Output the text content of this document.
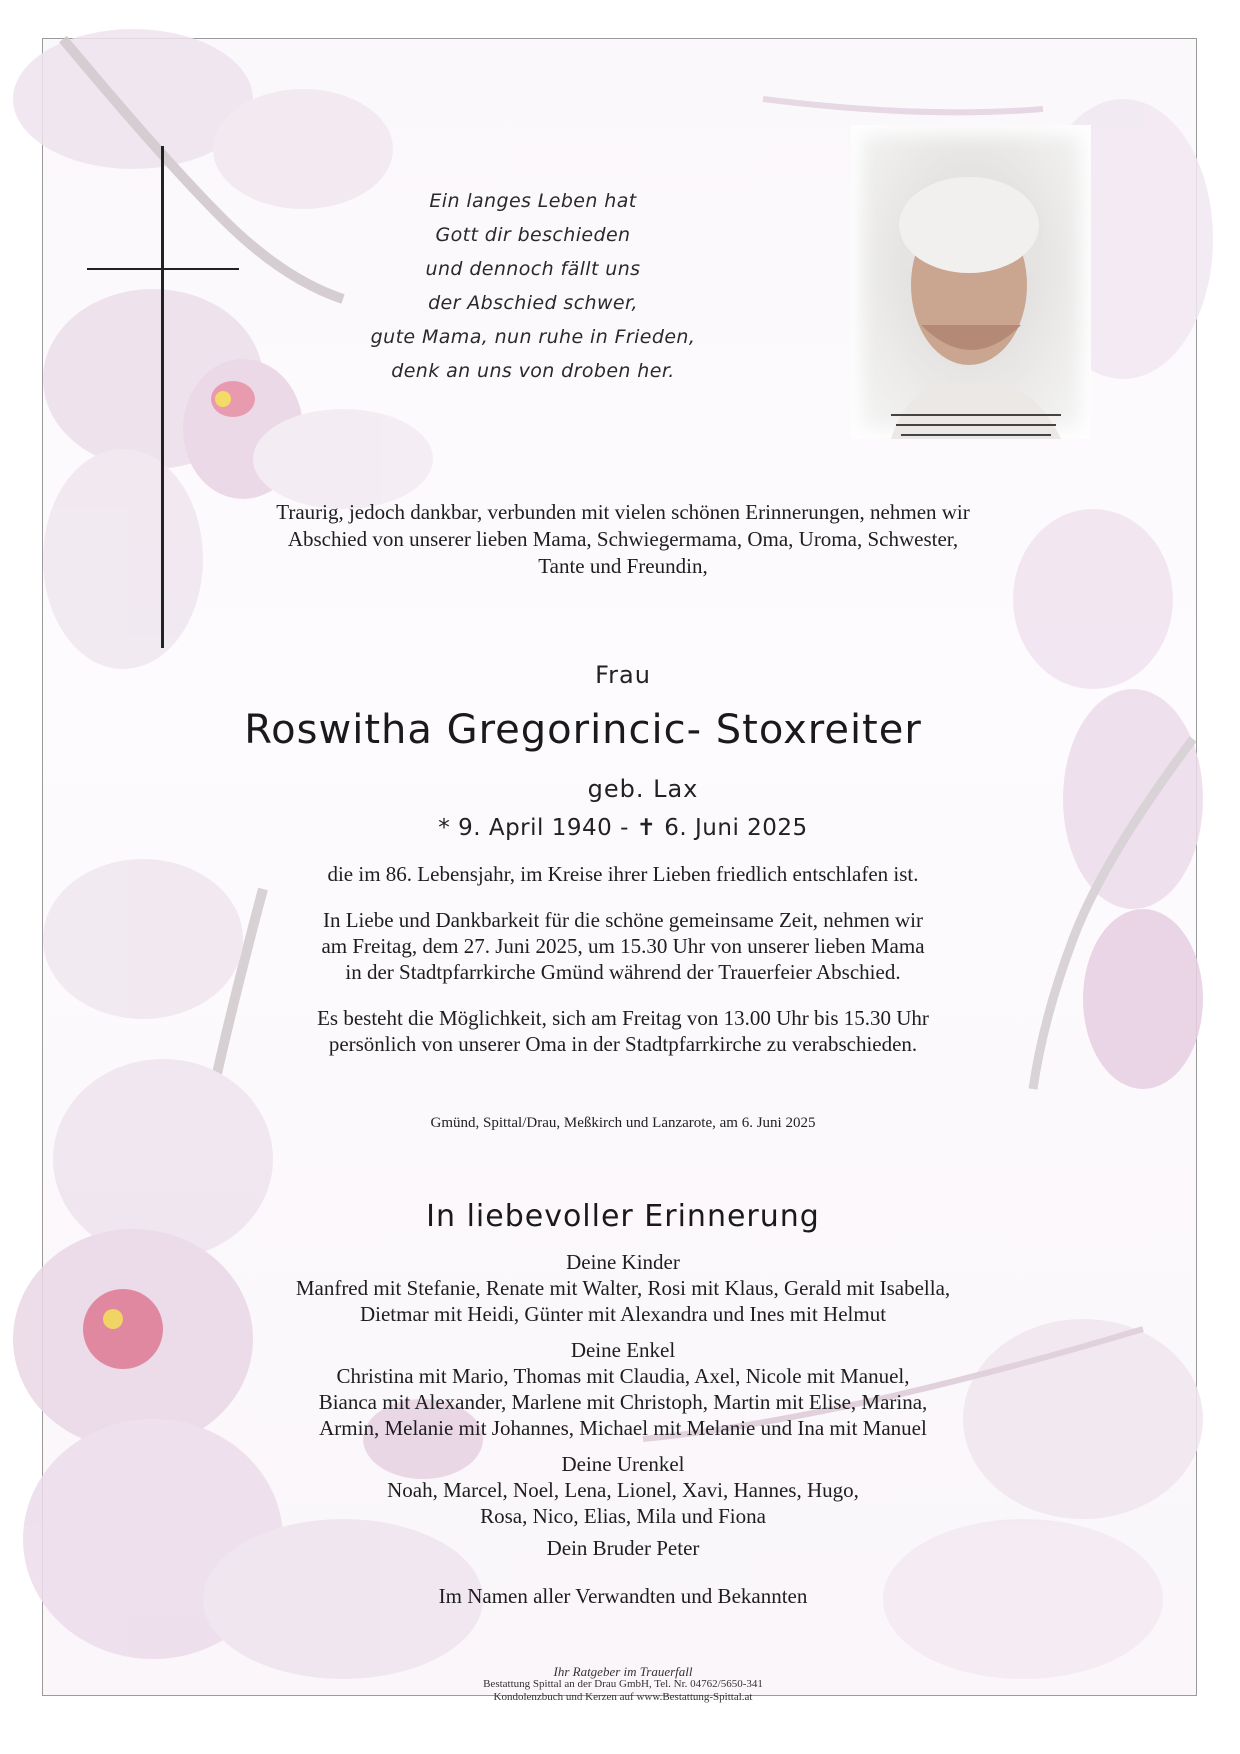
Ein langes Leben hat
Gott dir beschieden
und dennoch fällt uns
der Abschied schwer,
gute Mama, nun ruhe in Frieden,
denk an uns von droben her.
Traurig, jedoch dankbar, verbunden mit vielen schönen Erinnerungen, nehmen wir
Abschied von unserer lieben Mama, Schwiegermama, Oma, Uroma, Schwester,
Tante und Freundin,
Frau
Roswitha Gregorincic- Stoxreiter
geb. Lax
* 9. April 1940 - ✝ 6. Juni 2025
die im 86. Lebensjahr, im Kreise ihrer Lieben friedlich entschlafen ist.
In Liebe und Dankbarkeit für die schöne gemeinsame Zeit, nehmen wir
am Freitag, dem 27. Juni 2025, um 15.30 Uhr von unserer lieben Mama
in der Stadtpfarrkirche Gmünd während der Trauerfeier Abschied.
Es besteht die Möglichkeit, sich am Freitag von 13.00 Uhr bis 15.30 Uhr
persönlich von unserer Oma in der Stadtpfarrkirche zu verabschieden.
Gmünd, Spittal/Drau, Meßkirch und Lanzarote, am 6. Juni 2025
In liebevoller Erinnerung
Deine Kinder
Manfred mit Stefanie, Renate mit Walter, Rosi mit Klaus, Gerald mit Isabella,
Dietmar mit Heidi, Günter mit Alexandra und Ines mit Helmut
Deine Enkel
Christina mit Mario, Thomas mit Claudia, Axel, Nicole mit Manuel,
Bianca mit Alexander, Marlene mit Christoph, Martin mit Elise, Marina,
Armin, Melanie mit Johannes, Michael mit Melanie und Ina mit Manuel
Deine Urenkel
Noah, Marcel, Noel, Lena, Lionel, Xavi, Hannes, Hugo,
Rosa, Nico, Elias, Mila und Fiona
Dein Bruder Peter
Im Namen aller Verwandten und Bekannten
Ihr Ratgeber im Trauerfall
Bestattung Spittal an der Drau GmbH, Tel. Nr. 04762/5650-341
Kondolenzbuch und Kerzen auf www.Bestattung-Spittal.at
